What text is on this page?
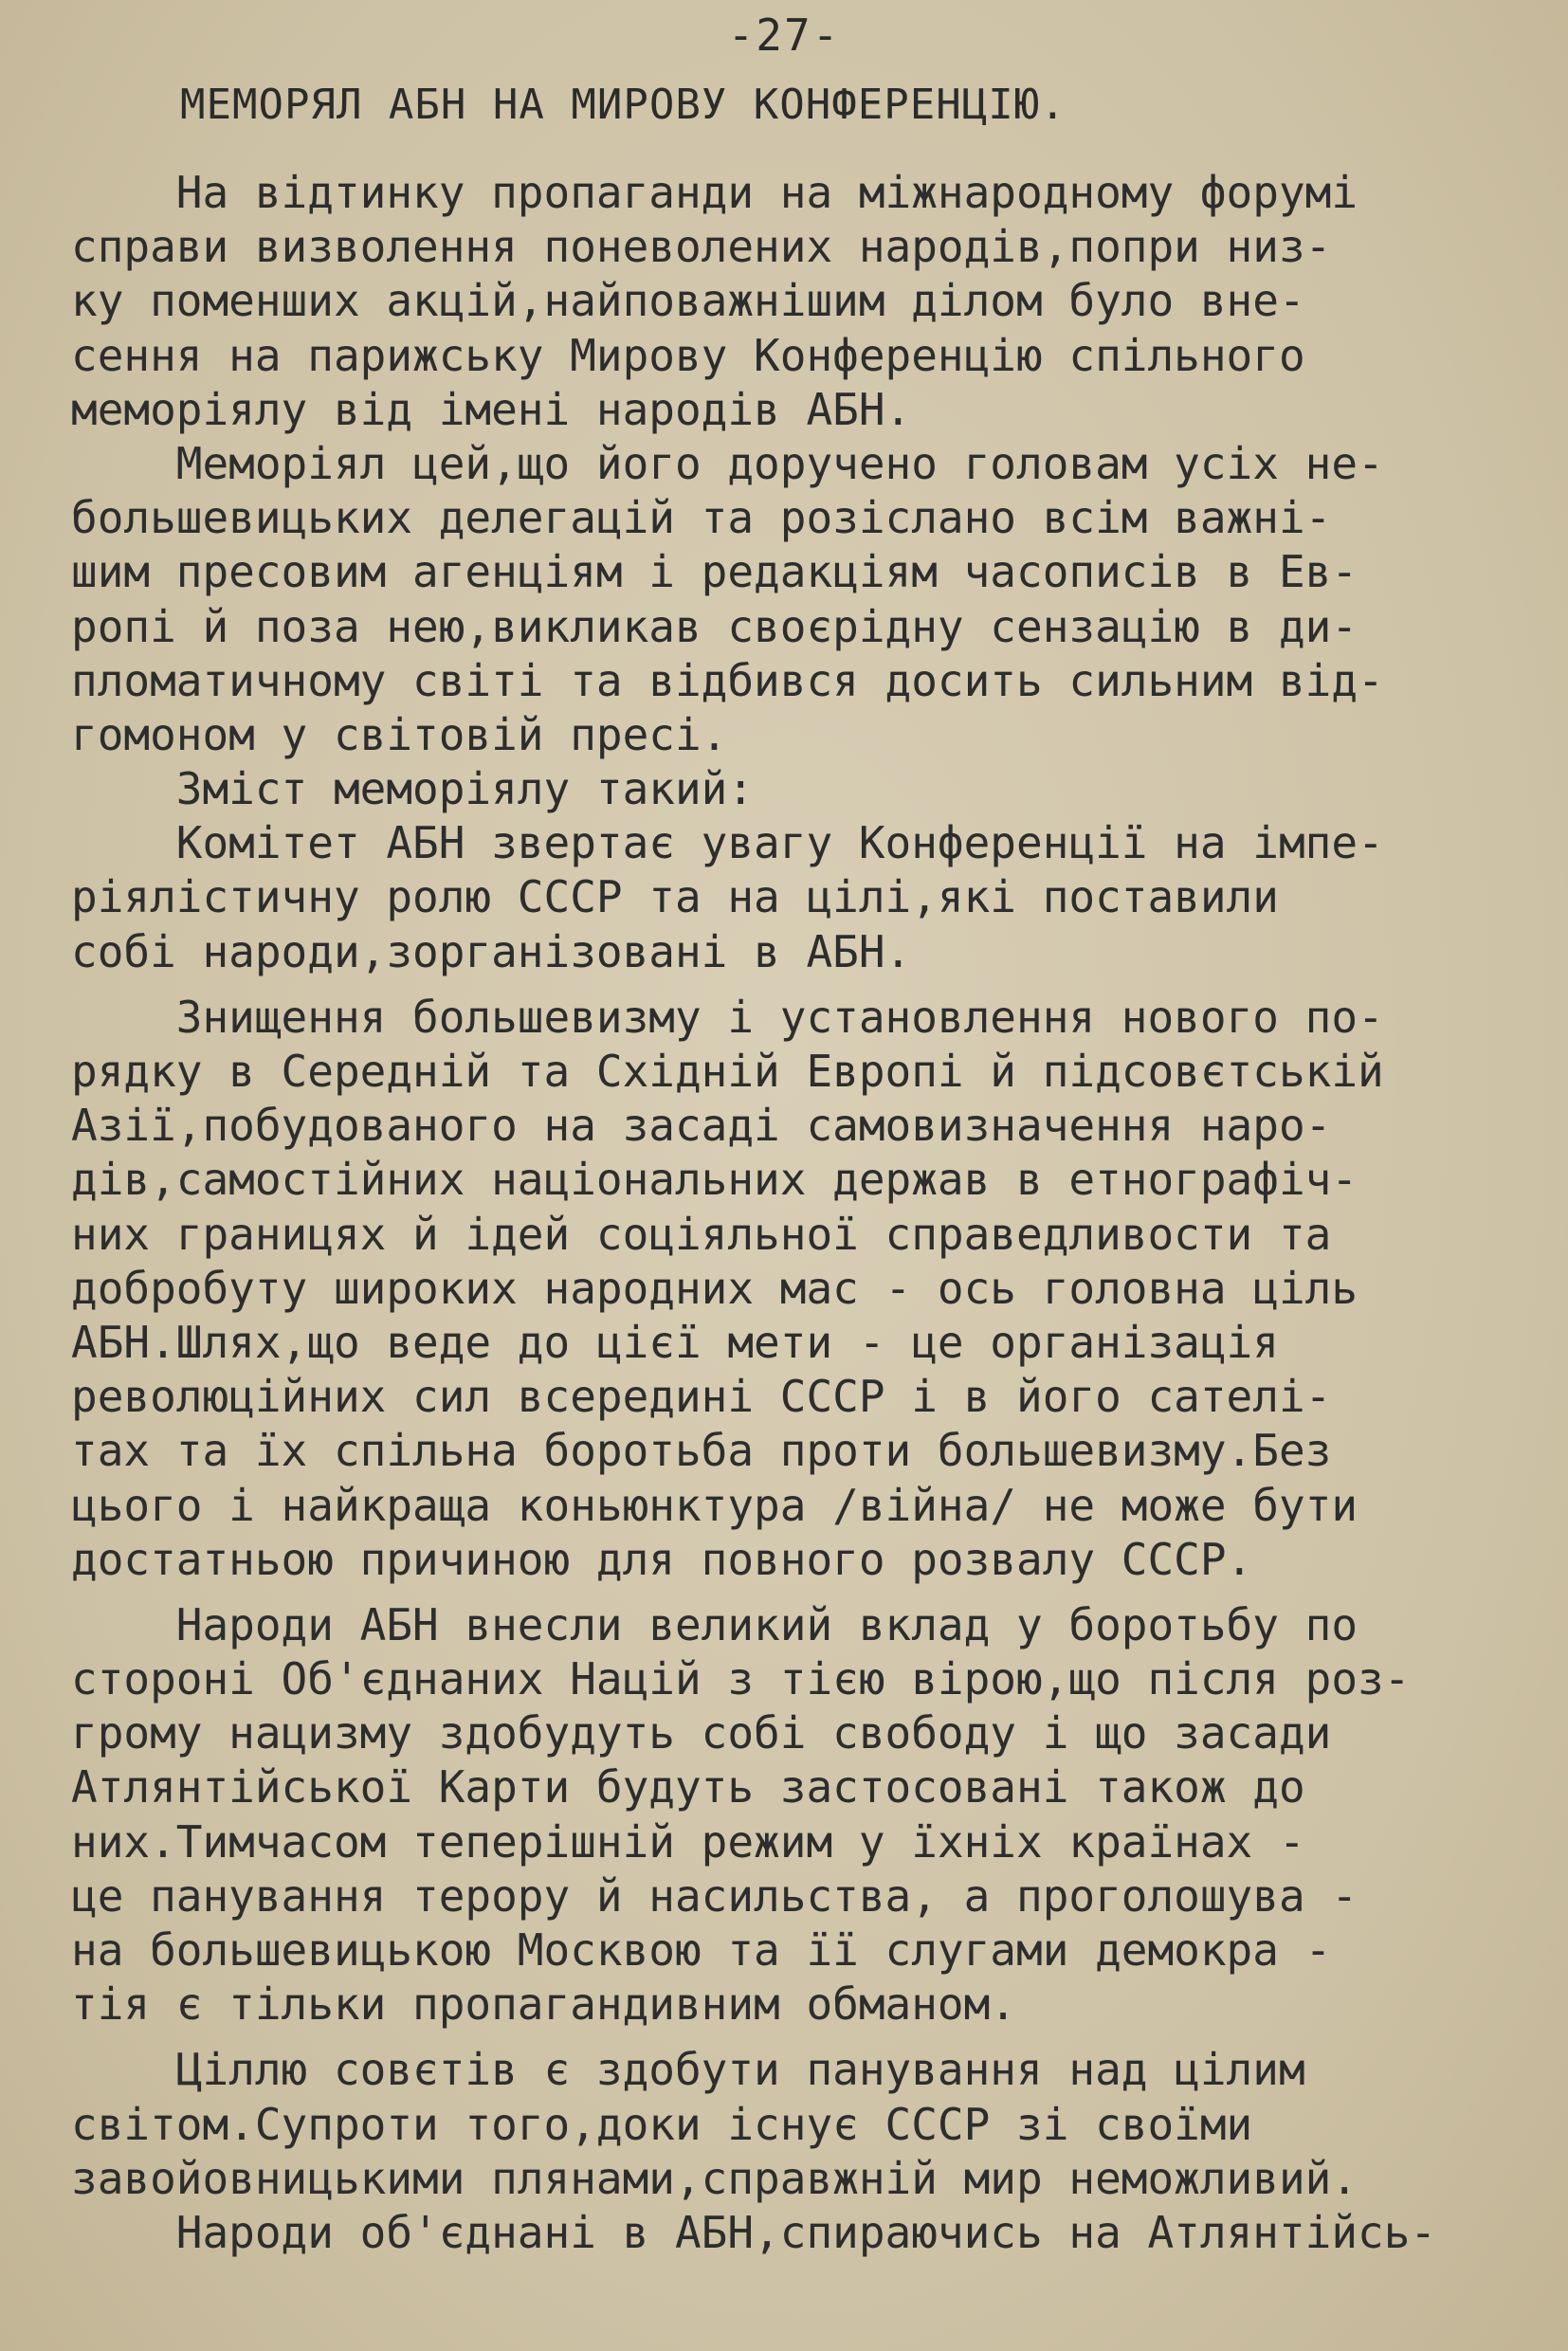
-27-
МЕМОРЯЛ АБН НА МИРОВУ КОНФЕРЕНЦІЮ.
На відтинку пропаганди на міжнародному форумі
справи визволення поневолених народів,попри низ-
ку поменших акцій,найповажнішим ділом було вне-
сення на парижську Мирову Конференцію спільного
меморіялу від імені народів АБН.
Меморіял цей,що його доручено головам усіх не-
большевицьких делегацій та розіслано всім важні-
шим пресовим агенціям і редакціям часописів в Ев-
ропі й поза нею,викликав своєрідну сензацію в ди-
пломатичному світі та відбився досить сильним від-
гомоном у світовій пресі.
Зміст меморіялу такий:
Комітет АБН звертає увагу Конференції на імпе-
ріялістичну ролю СССР та на цілі,які поставили
собі народи,зорганізовані в АБН.
Знищення большевизму і установлення нового по-
рядку в Середній та Східній Европі й підсовєтській
Азії,побудованого на засаді самовизначення наро-
дів,самостійних національних держав в етнографіч-
них границях й ідей соціяльної справедливости та
добробуту широких народних мас - ось головна ціль
АБН.Шлях,що веде до цієї мети - це організація
революційних сил всередині СССР і в його сателі-
тах та їх спільна боротьба проти большевизму.Без
цього і найкраща коньюнктура /війна/ не може бути
достатньою причиною для повного розвалу СССР.
Народи АБН внесли великий вклад у боротьбу по
стороні Об'єднаних Націй з тією вірою,що після роз-
грому нацизму здобудуть собі свободу і що засади
Атлянтійської Карти будуть застосовані також до
них.Тимчасом теперішній режим у їхніх країнах -
це панування терору й насильства, а проголошува -
на большевицькою Москвою та її слугами демокра -
тія є тільки пропагандивним обманом.
Ціллю совєтів є здобути панування над цілим
світом.Супроти того,доки існує СССР зі своїми
завойовницькими плянами,справжній мир неможливий.
Народи об'єднані в АБН,спираючись на Атлянтійсь-
